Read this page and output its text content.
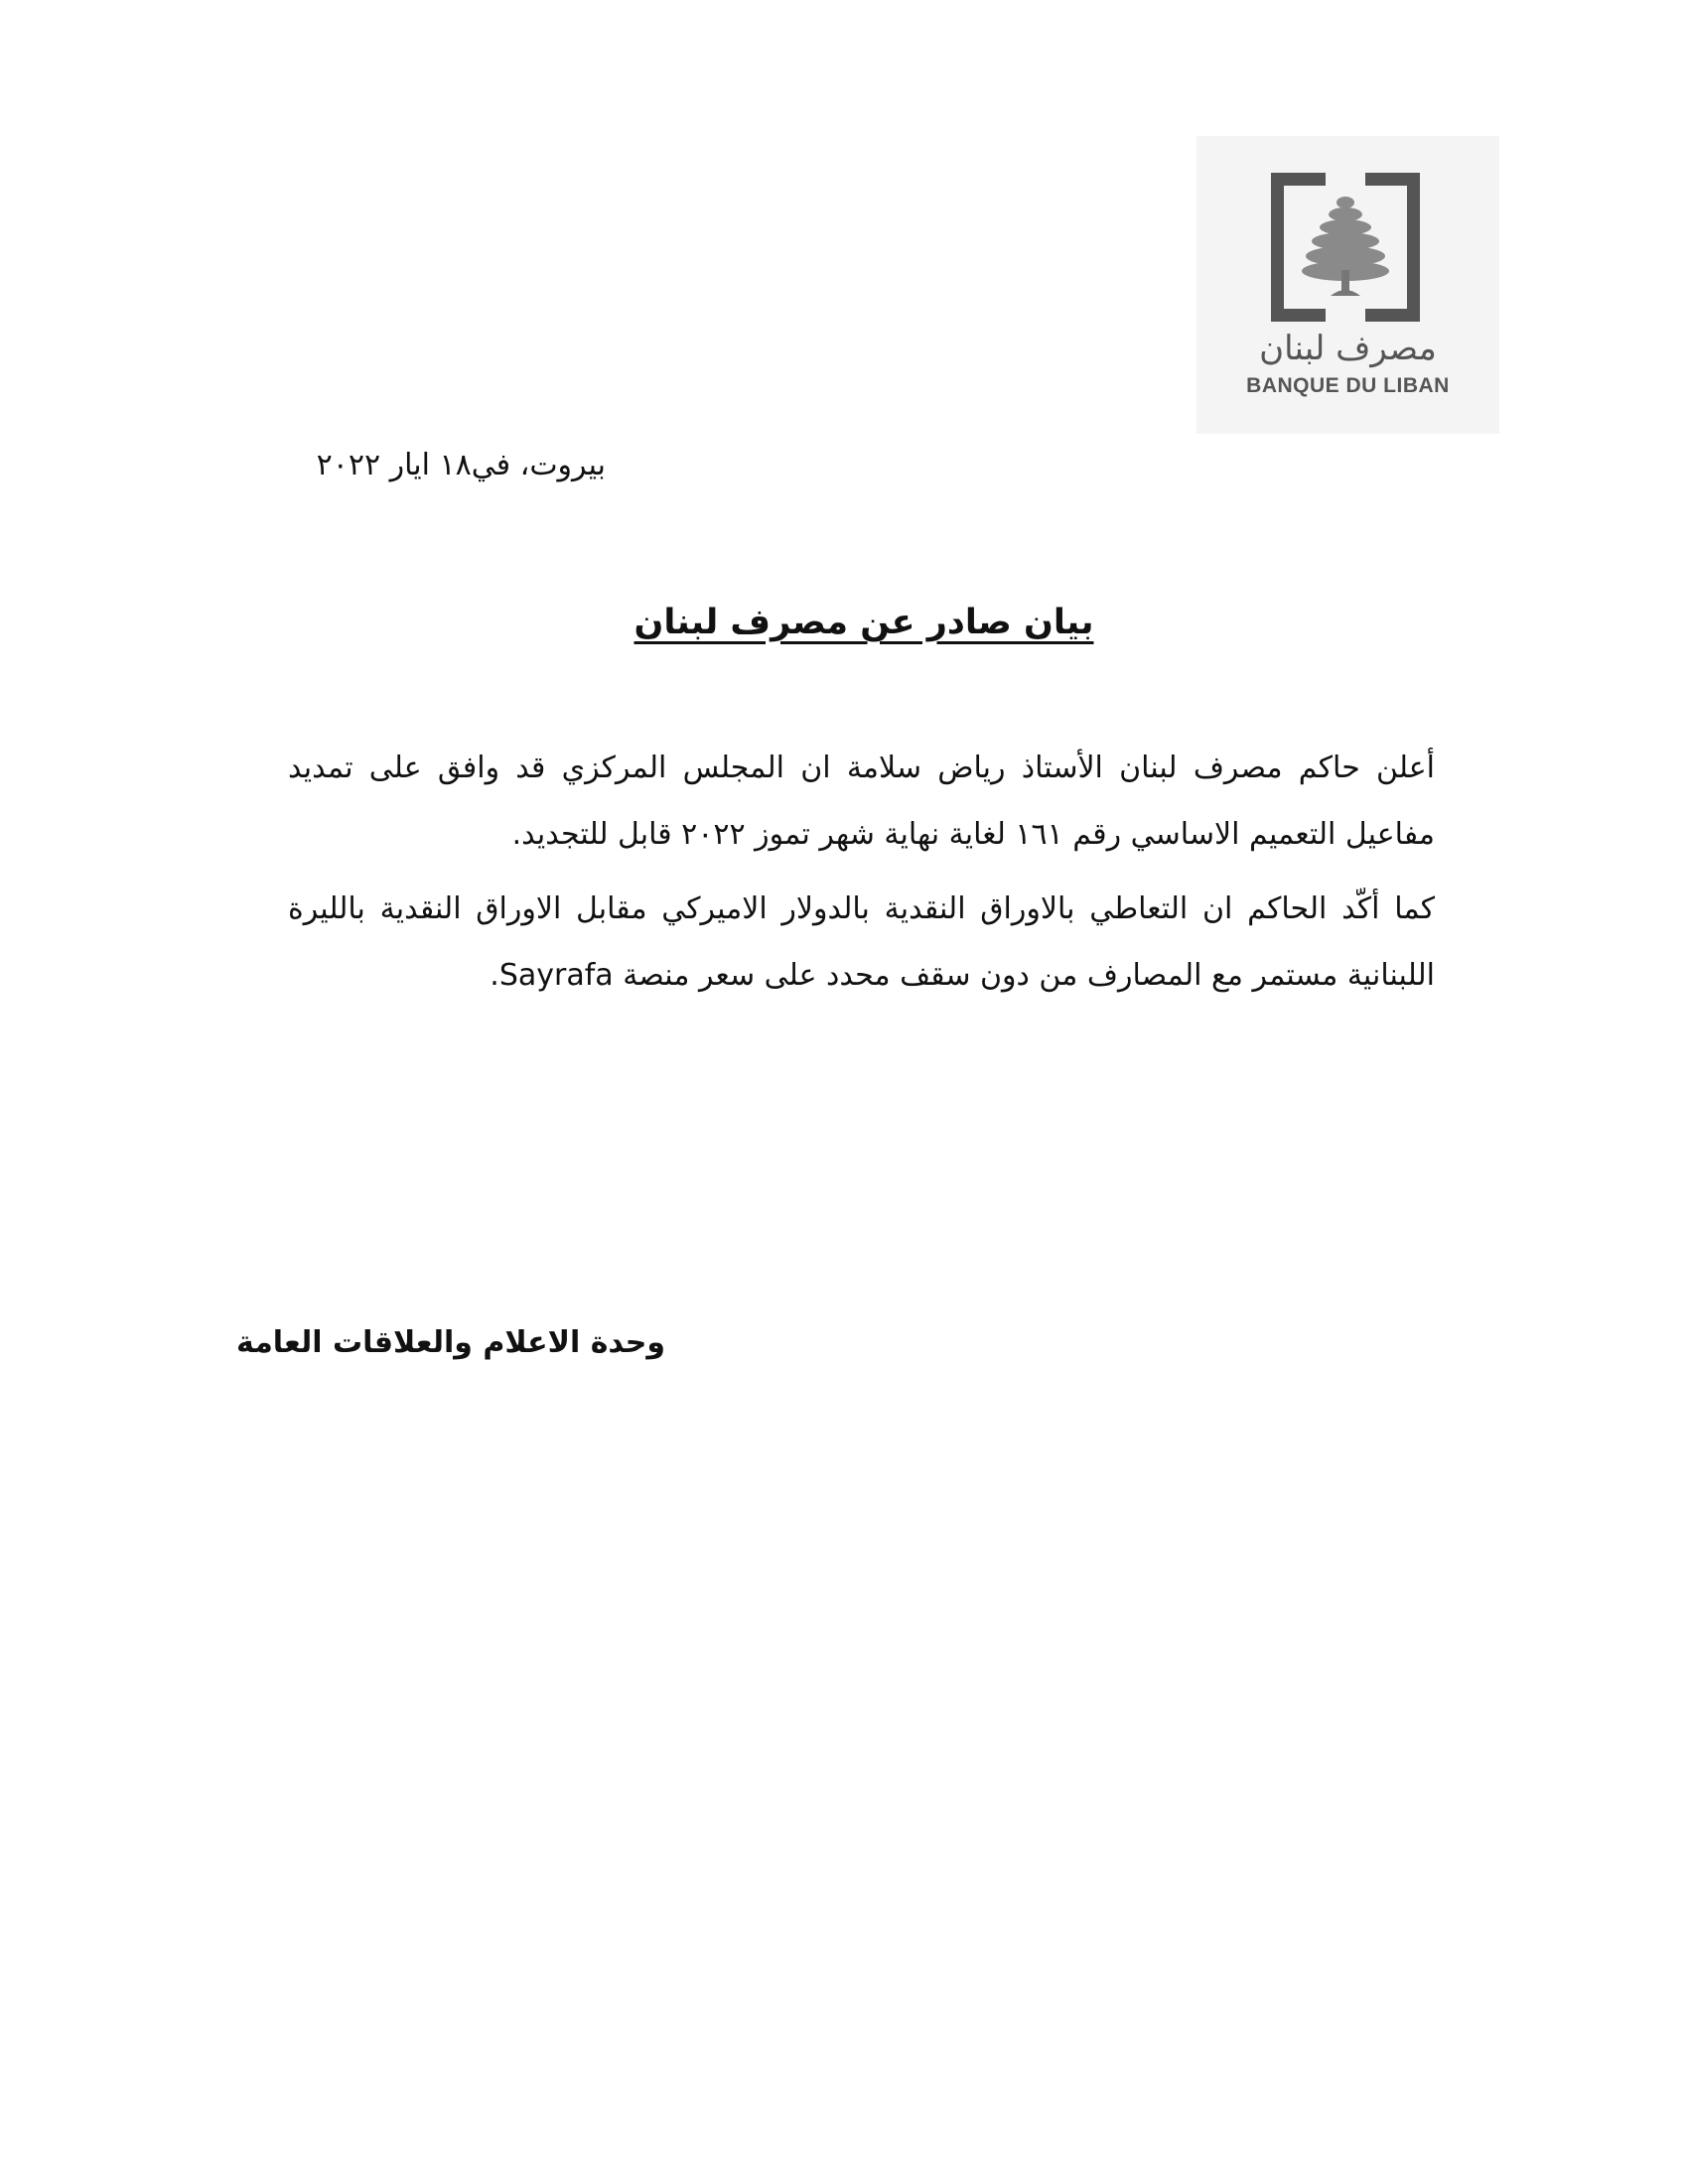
مصرف لبنان
BANQUE DU LIBAN
بيروت، في١٨ ايار ٢٠٢٢
بيان صادر عن مصرف لبنان

أعلن حاكم مصرف لبنان الأستاذ رياض سلامة ان المجلس المركزي قد وافق على تمديد مفاعيل التعميم الاساسي رقم ١٦١ لغاية نهاية شهر تموز ٢٠٢٢ قابل للتجديد.

كما أكّد الحاكم ان التعاطي بالاوراق النقدية بالدولار الاميركي مقابل الاوراق النقدية بالليرة اللبنانية مستمر مع المصارف من دون سقف محدد على سعر منصة Sayrafa.

وحدة الاعلام والعلاقات العامة
